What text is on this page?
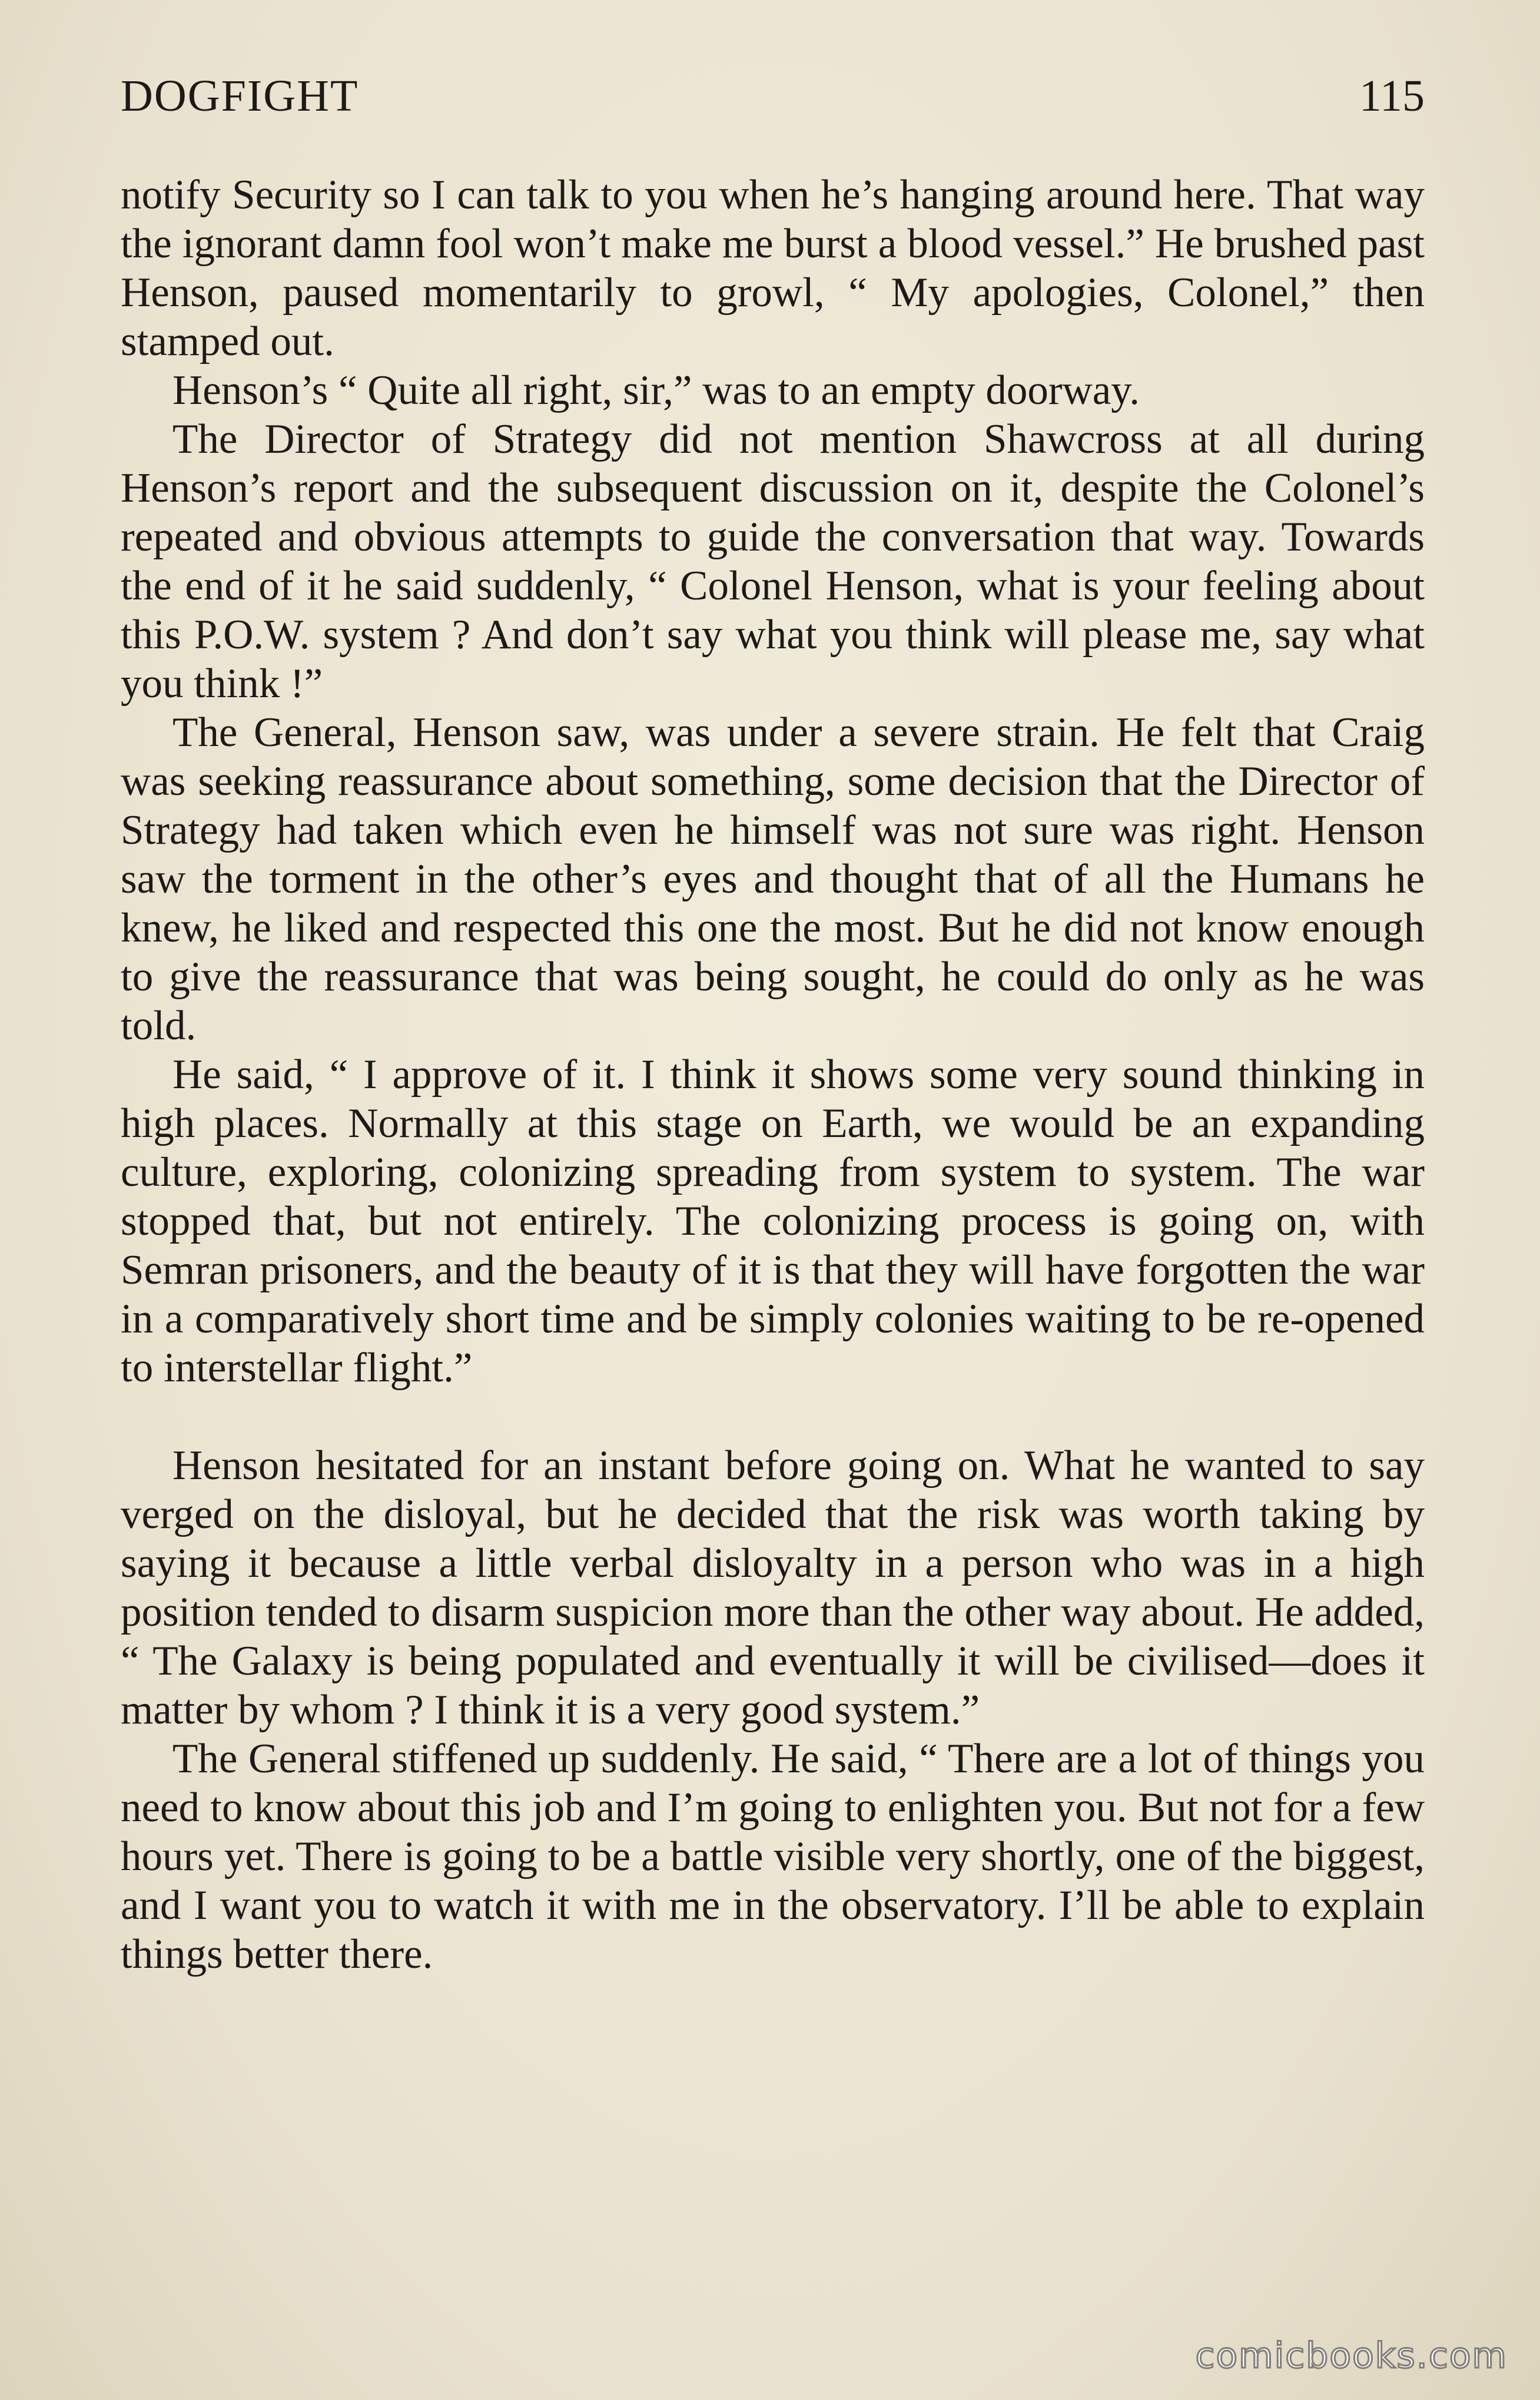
DOGFIGHT	115

notify Security so I can talk to you when he’s hanging around here. That way the ignorant damn fool won’t make me burst a blood vessel.” He brushed past Henson, paused momentarily to growl, “ My apologies, Colonel,” then stamped out.

Henson’s “ Quite all right, sir,” was to an empty doorway.

The Director of Strategy did not mention Shawcross at all during Henson’s report and the subsequent discussion on it, despite the Colonel’s repeated and obvious attempts to guide the conversation that way. Towards the end of it he said suddenly, “ Colonel Henson, what is your feeling about this P.O.W. system ? And don’t say what you think will please me, say what you think !”

The General, Henson saw, was under a severe strain. He felt that Craig was seeking reassurance about something, some decision that the Director of Strategy had taken which even he himself was not sure was right. Henson saw the torment in the other’s eyes and thought that of all the Humans he knew, he liked and respected this one the most. But he did not know enough to give the reassurance that was being sought, he could do only as he was told.

He said, “ I approve of it. I think it shows some very sound thinking in high places. Normally at this stage on Earth, we would be an expanding culture, exploring, colonizing spreading from system to system. The war stopped that, but not entirely. The colonizing process is going on, with Semran prisoners, and the beauty of it is that they will have forgotten the war in a comparatively short time and be simply colonies waiting to be re-opened to interstellar flight.”

Henson hesitated for an instant before going on. What he wanted to say verged on the disloyal, but he decided that the risk was worth taking by saying it because a little verbal disloyalty in a person who was in a high position tended to disarm suspicion more than the other way about. He added, “ The Galaxy is being populated and eventually it will be civilised—does it matter by whom ? I think it is a very good system.”

The General stiffened up suddenly. He said, “ There are a lot of things you need to know about this job and I’m going to enlighten you. But not for a few hours yet. There is going to be a battle visible very shortly, one of the biggest, and I want you to watch it with me in the observatory. I’ll be able to explain things better there.

comicbooks.com
